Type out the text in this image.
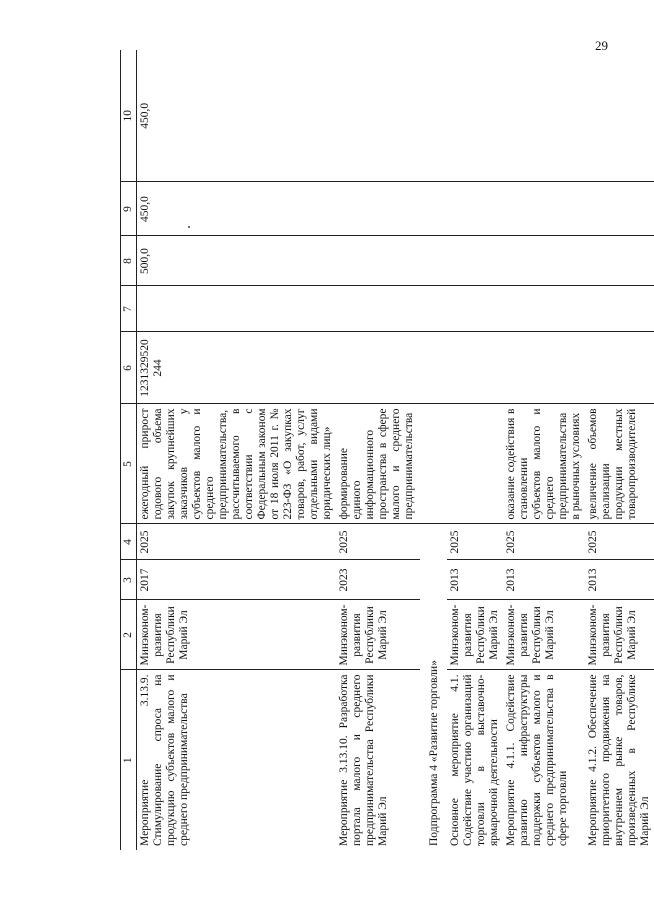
29
1	2	3	4	5	6	7	8	9	10
Мероприятие 3.13.9. Стимулирование спроса на продукцию субъектов малого и среднего предпринимательства	Минэконом-развития Республики Марий Эл	2017	2025	ежегодный прирост годового объема закупок крупнейших заказчиков у субъектов малого и среднего предпринимательства, рассчитываемого в соответствии с Федеральным законом от 18 июля 2011 г. № 223-ФЗ «О закупках товаров, работ, услуг отдельными видами юридических лиц»	1231329520 244		500,0	450,0	450,0
Мероприятие 3.13.10. Разработка портала малого и среднего предпринимательства Республики Марий Эл	Минэконом-развития Республики Марий Эл	2023	2025	формирование единого информационного пространства в сфере малого и среднего предпринимательства					
Подпрограмма 4 «Развитие торговли»									
Основное мероприятие 4.1. Содействие участию организаций торговли в выставочно-ярмарочной деятельности	Минэконом-развития Республики Марий Эл	2013	2025						
Мероприятие 4.1.1. Содействие развитию инфраструктуры поддержки субъектов малого и среднего предпринимательства в сфере торговли	Минэконом-развития Республики Марий Эл	2013	2025	оказание содействия в становлении субъектов малого и среднего предпринимательства в рыночных условиях					
Мероприятие 4.1.2. Обеспечение приоритетного продвижения на внутреннем рынке товаров, произведенных в Республике Марий Эл	Минэконом-развития Республики Марий Эл	2013	2025	увеличение объемов реализации продукции местных товаропроизводителей					
